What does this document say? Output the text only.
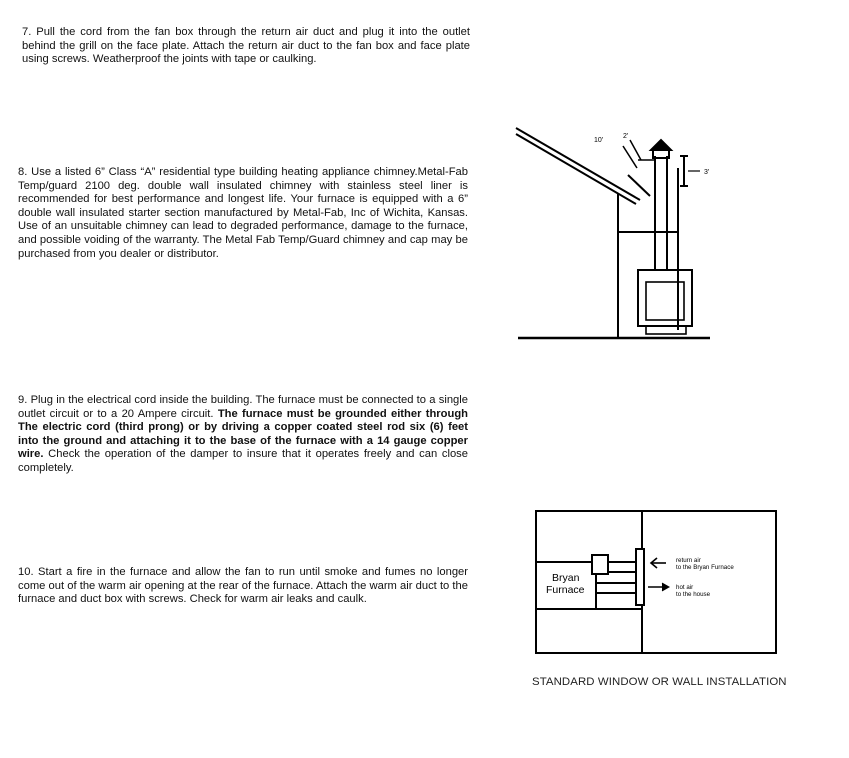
7. Pull the cord from the fan box through the return air duct and plug it into the outlet behind the grill on the face plate. Attach the return air duct to the fan box and face plate using screws. Weatherproof the joints with tape or caulking.
8. Use a listed 6” Class “A” residential type building heating appliance chimney.Metal-Fab Temp/guard 2100 deg. double wall insulated chimney with stainless steel liner is recommended for best performance and longest life. Your furnace is equipped with a 6” double wall insulated starter section manufactured by Metal-Fab, Inc of Wichita, Kansas. Use of an unsuitable chimney can lead to degraded performance, damage to the furnace, and possible voiding of the warranty. The Metal Fab Temp/Guard chimney and cap may be purchased from you dealer or distributor.
9. Plug in the electrical cord inside the building. The furnace must be connected to a single outlet circuit or to a 20 Ampere circuit. The furnace must be grounded either through The electric cord (third prong) or by driving a copper coated steel rod six (6) feet into the ground and attaching it to the base of the furnace with a 14 gauge copper wire. Check the operation of the damper to insure that it operates freely and can close completely.
10. Start a fire in the furnace and allow the fan to run until smoke and fumes no longer come out of the warm air opening at the rear of the furnace. Attach the warm air duct to the furnace and duct box with screws. Check for warm air leaks and caulk.
10'
2'
3'
Bryan
Furnace
return air
to the Bryan Furnace
hot air
to the house
STANDARD WINDOW OR WALL INSTALLATION
